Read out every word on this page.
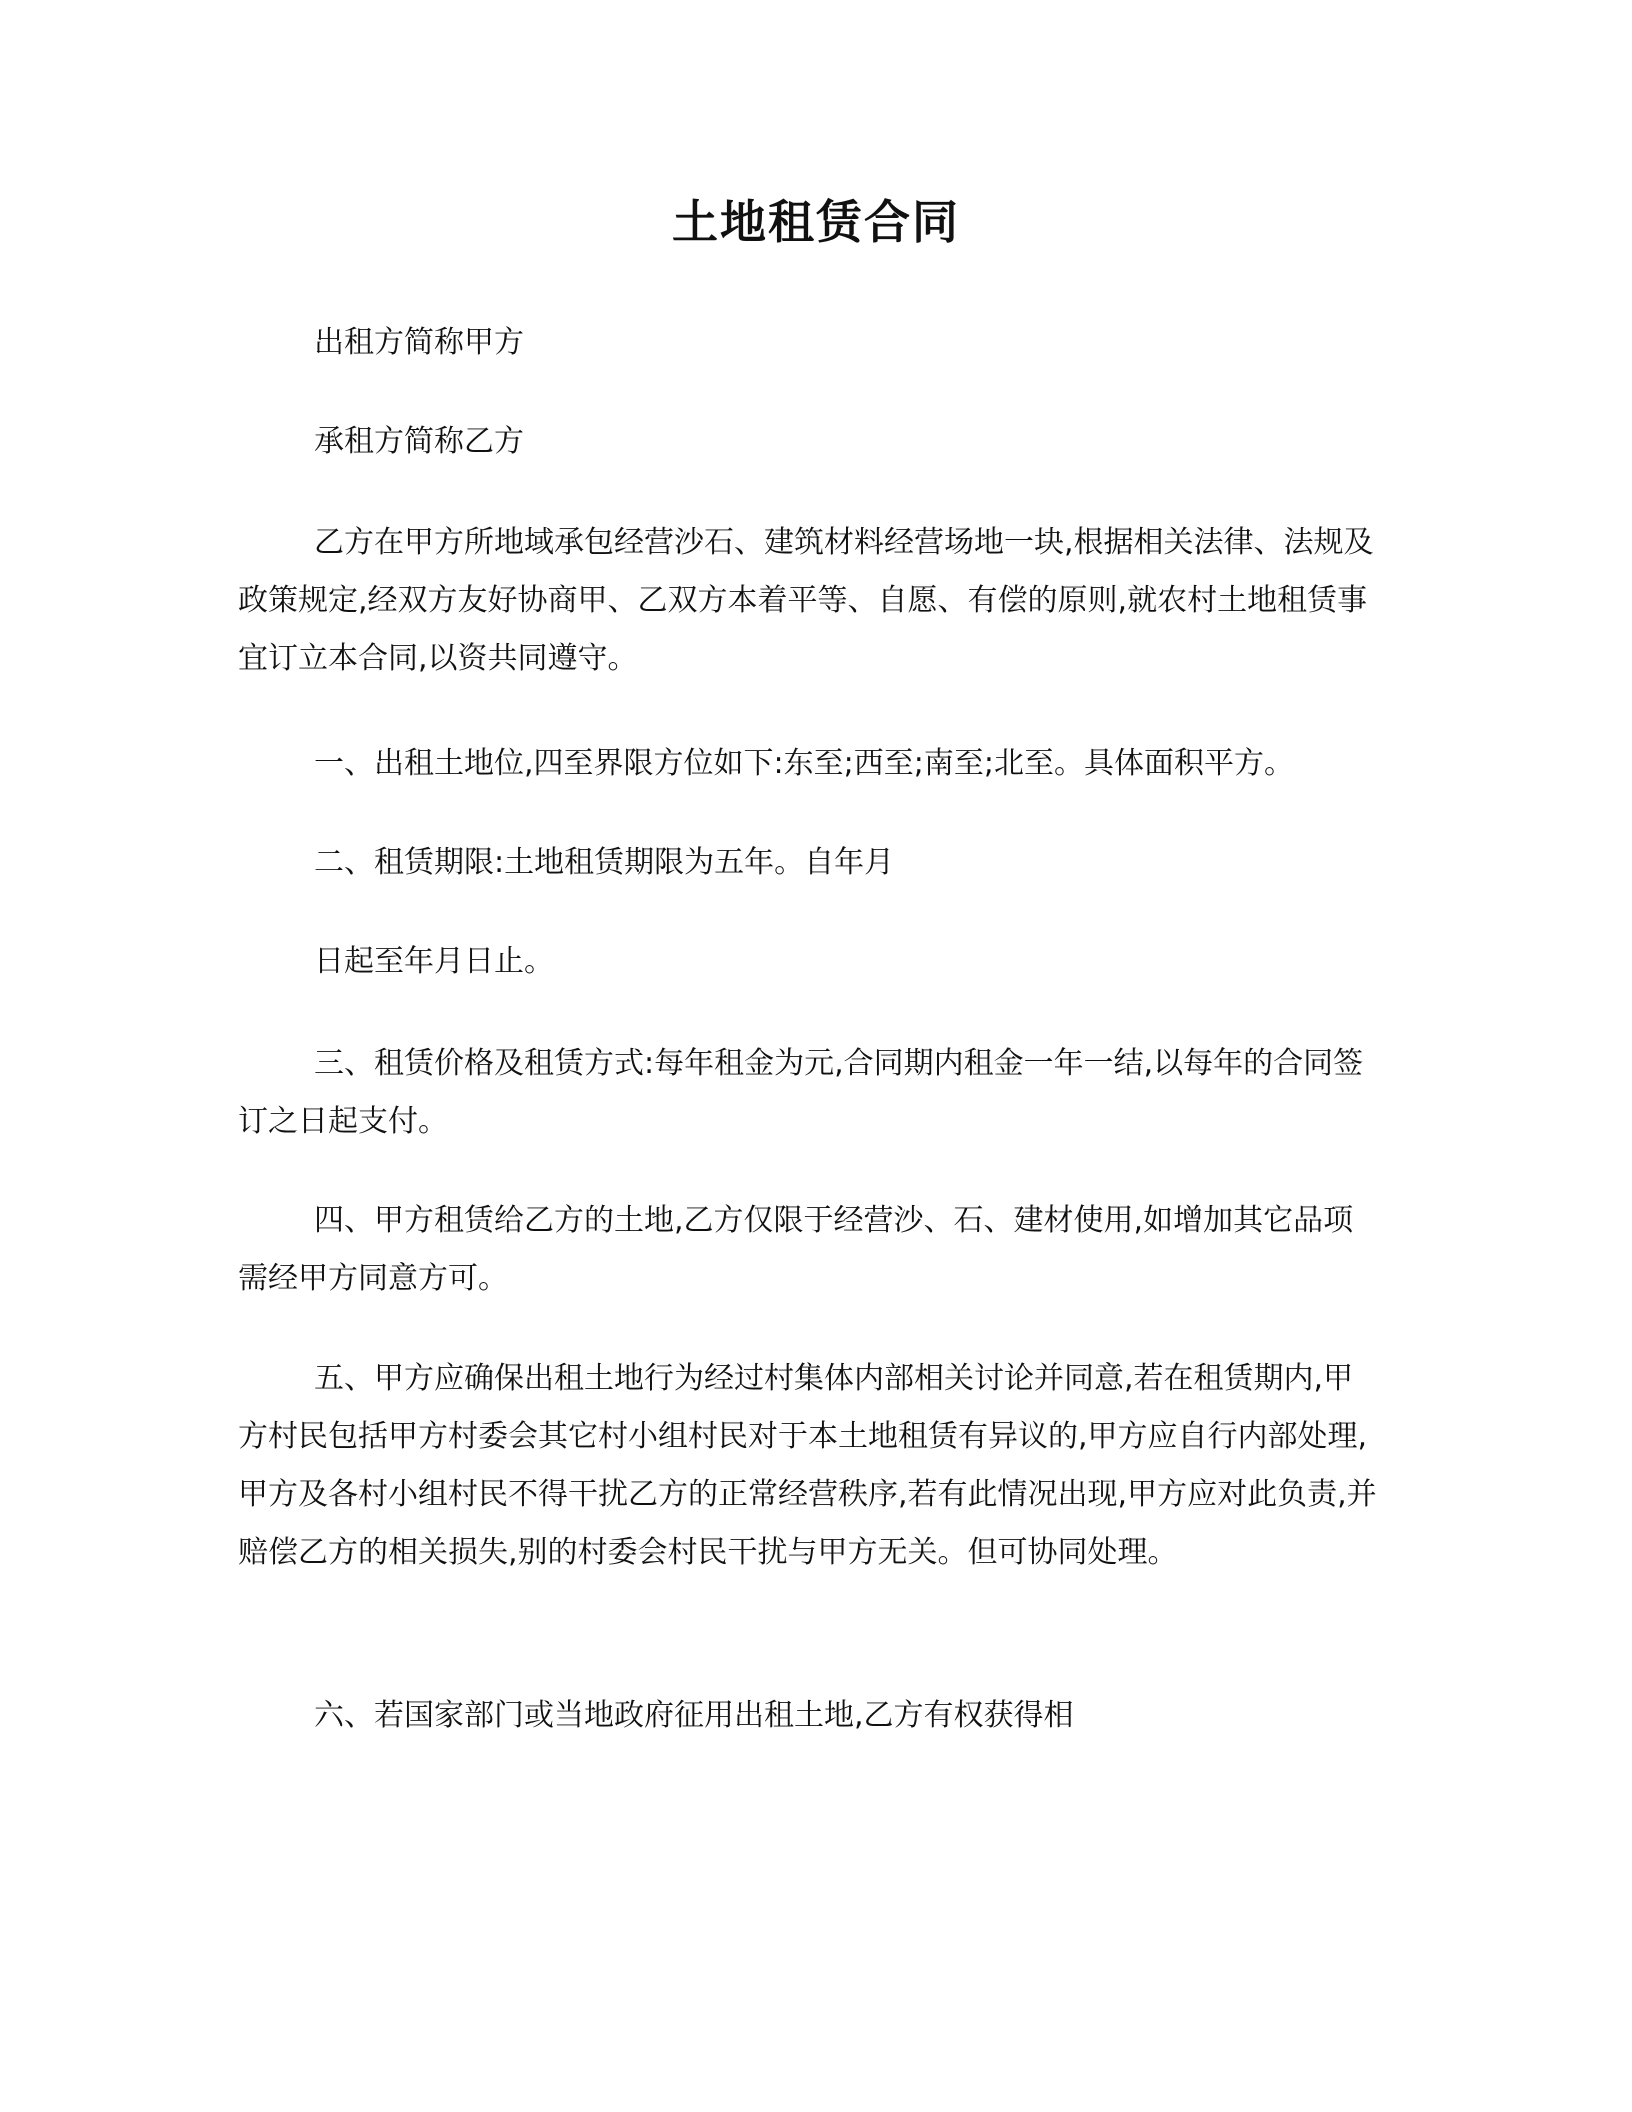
土地租赁合同

出租方简称甲方

承租方简称乙方

乙方在甲方所地域承包经营沙石、建筑材料经营场地一块,根据相关法律、法规及政策规定,经双方友好协商甲、乙双方本着平等、自愿、有偿的原则,就农村土地租赁事宜订立本合同,以资共同遵守。

一、出租土地位,四至界限方位如下:东至;西至;南至;北至。具体面积平方。

二、租赁期限:土地租赁期限为五年。自年月

日起至年月日止。

三、租赁价格及租赁方式:每年租金为元,合同期内租金一年一结,以每年的合同签订之日起支付。

四、甲方租赁给乙方的土地,乙方仅限于经营沙、石、建材使用,如增加其它品项需经甲方同意方可。

五、甲方应确保出租土地行为经过村集体内部相关讨论并同意,若在租赁期内,甲方村民包括甲方村委会其它村小组村民对于本土地租赁有异议的,甲方应自行内部处理,甲方及各村小组村民不得干扰乙方的正常经营秩序,若有此情况出现,甲方应对此负责,并赔偿乙方的相关损失,别的村委会村民干扰与甲方无关。但可协同处理。

六、若国家部门或当地政府征用出租土地,乙方有权获得相
